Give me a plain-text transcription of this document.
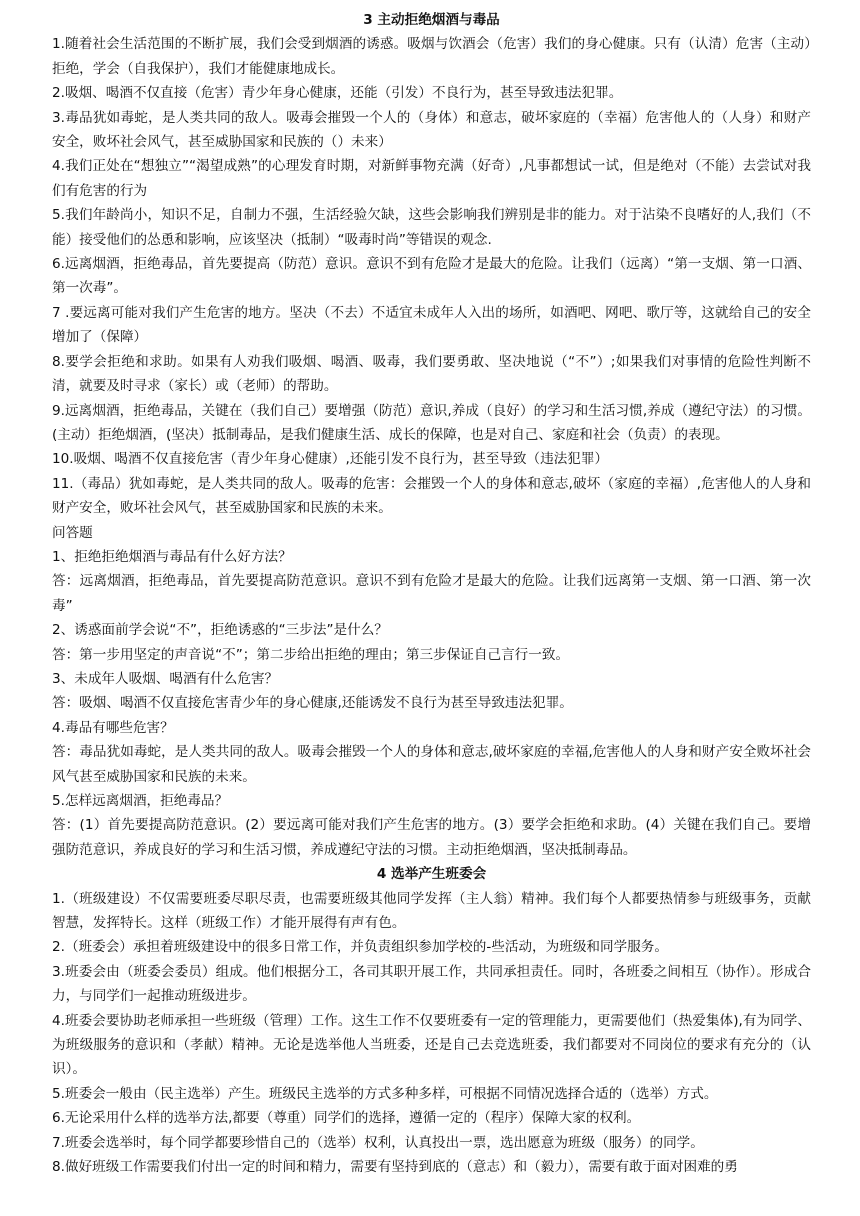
3 主动拒绝烟酒与毒品

1.随着社会生活范围的不断扩展，我们会受到烟酒的诱惑。吸烟与饮酒会（危害）我们的身心健康。只有（认清）危害（主动）拒绝，学会（自我保护），我们才能健康地成长。

2.吸烟、喝酒不仅直接（危害）青少年身心健康，还能（引发）不良行为，甚至导致违法犯罪。

3.毒品犹如毒蛇，是人类共同的敌人。吸毒会摧毁一个人的（身体）和意志，破坏家庭的（幸福）危害他人的（人身）和财产安全，败坏社会风气，甚至威胁国家和民族的（）未来）

4.我们正处在“想独立”“渴望成熟”的心理发育时期，对新鲜事物充满（好奇）,凡事都想试一试，但是绝对（不能）去尝试对我们有危害的行为

5.我们年龄尚小，知识不足，自制力不强，生活经验欠缺，这些会影响我们辨别是非的能力。对于沾染不良嗜好的人,我们（不能）接受他们的怂恿和影响，应该坚决（抵制）“吸毒时尚”等错误的观念.

6.远离烟酒，拒绝毒品，首先要提高（防范）意识。意识不到有危险才是最大的危险。让我们（远离）“第一支烟、第一口酒、第一次毒”。

7 .要远离可能对我们产生危害的地方。坚决（不去）不适宜未成年人入出的场所，如酒吧、网吧、歌厅等，这就给自己的安全增加了（保障）

8.要学会拒绝和求助。如果有人劝我们吸烟、喝酒、吸毒，我们要勇敢、坚决地说（“不”）;如果我们对事情的危险性判断不清，就要及时寻求（家长）或（老师）的帮助。

9.远离烟酒，拒绝毒品，关键在（我们自己）要增强（防范）意识,养成（良好）的学习和生活习惯,养成（遵纪守法）的习惯。(主动）拒绝烟酒，(坚决）抵制毒品，是我们健康生活、成长的保障，也是对自己、家庭和社会（负责）的表现。

10.吸烟、喝酒不仅直接危害（青少年身心健康）,还能引发不良行为，甚至导致（违法犯罪）

11.（毒品）犹如毒蛇，是人类共同的敌人。吸毒的危害：会摧毁一个人的身体和意志,破坏（家庭的幸福）,危害他人的人身和财产安全，败坏社会风气，甚至威胁国家和民族的未来。

问答题

1、拒绝拒绝烟酒与毒品有什么好方法？

答：远离烟酒，拒绝毒品，首先要提高防范意识。意识不到有危险才是最大的危险。让我们远离第一支烟、第一口酒、第一次毒”

2、诱惑面前学会说“不”，拒绝诱惑的“三步法”是什么？

答：第一步用坚定的声音说“不”；第二步给出拒绝的理由；第三步保证自己言行一致。

3、未成年人吸烟、喝酒有什么危害？

答：吸烟、喝酒不仅直接危害青少年的身心健康,还能诱发不良行为甚至导致违法犯罪。

4.毒品有哪些危害？

答：毒品犹如毒蛇，是人类共同的敌人。吸毒会摧毁一个人的身体和意志,破坏家庭的幸福,危害他人的人身和财产安全败坏社会风气甚至威胁国家和民族的未来。

5.怎样远离烟酒，拒绝毒品？

答：(1）首先要提高防范意识。(2）要远离可能对我们产生危害的地方。(3）要学会拒绝和求助。(4）关键在我们自己。要增强防范意识，养成良好的学习和生活习惯，养成遵纪守法的习惯。主动拒绝烟酒，坚决抵制毒品。

4 选举产生班委会

1.（班级建设）不仅需要班委尽职尽责，也需要班级其他同学发挥（主人翁）精神。我们每个人都要热情参与班级事务，贡献智慧，发挥特长。这样（班级工作）才能开展得有声有色。

2.（班委会）承担着班级建设中的很多日常工作，并负责组织参加学校的-些活动，为班级和同学服务。

3.班委会由（班委会委员）组成。他们根据分工，各司其职开展工作，共同承担责任。同时，各班委之间相互（协作）。形成合力，与同学们一起推动班级进步。

4.班委会要协助老师承担一些班级（管理）工作。这生工作不仅要班委有一定的管理能力，更需要他们（热爱集体),有为同学、为班级服务的意识和（孝献）精神。无论是选举他人当班委，还是自己去竞选班委，我们都要对不同岗位的要求有充分的（认识）。

5.班委会一般由（民主选举）产生。班级民主选举的方式多种多样，可根据不同情况选择合适的（选举）方式。

6.无论采用什么样的选举方法,都要（尊重）同学们的选择，遵循一定的（程序）保障大家的权利。

7.班委会选举时，每个同学都要珍惜自己的（选举）权利，认真投出一票，选出愿意为班级（服务）的同学。

8.做好班级工作需要我们付出一定的时间和精力，需要有坚持到底的（意志）和（毅力），需要有敢于面对困难的勇
